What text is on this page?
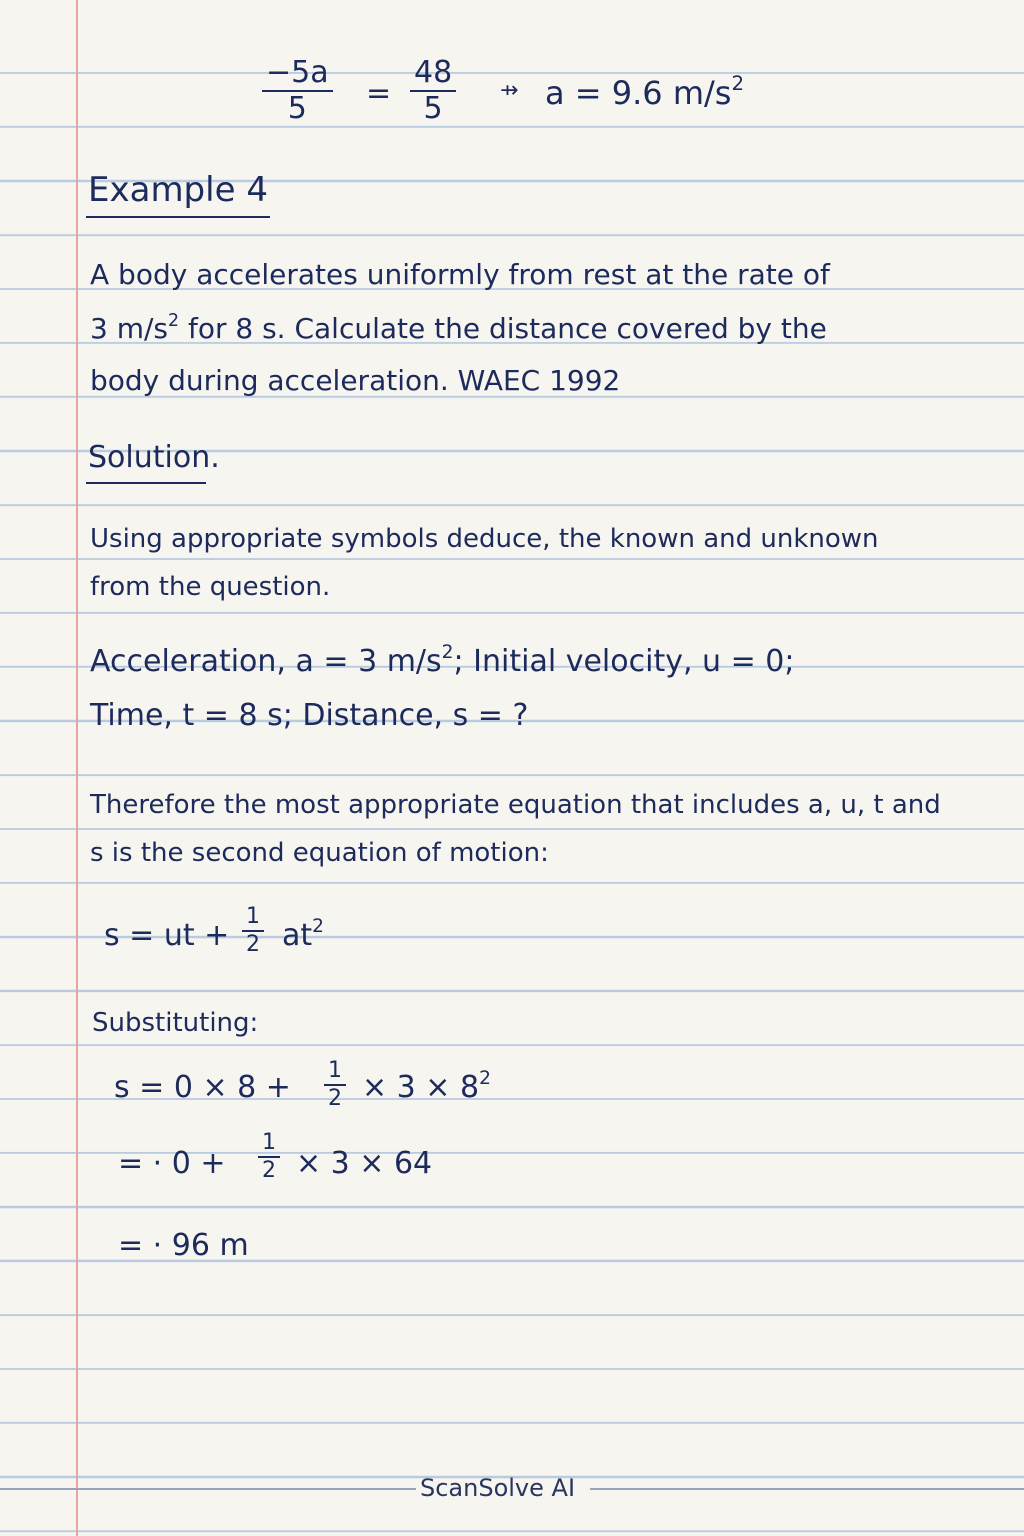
$\frac{-5a}{5} = \frac{48}{5}$ ⇸ a = 9.6 $m/s^2$
Example 4
A body accelerates uniformly from rest at the rate of
3 $m/s^2$ for 8 s. Calculate the distance covered by the
body during acceleration. WAEC 1992
Solution.
Using appropriate symbols deduce, the known and unknown
from the question.
Acceleration, a = 3 $m/s^2$; Initial velocity, u = 0;
Time, t = 8 s; Distance, s = ?
Therefore the most appropriate equation that includes a, u, t and
s is the second equation of motion:
s = ut + $\frac{1}{2} at^2$
Substituting:
$s = 0 \times 8 + \frac{1}{2} \times 3 \times 8^2$
= · $0 + \frac{1}{2} \times 3 \times 64$
= · 96 m
ScanSolve AI
